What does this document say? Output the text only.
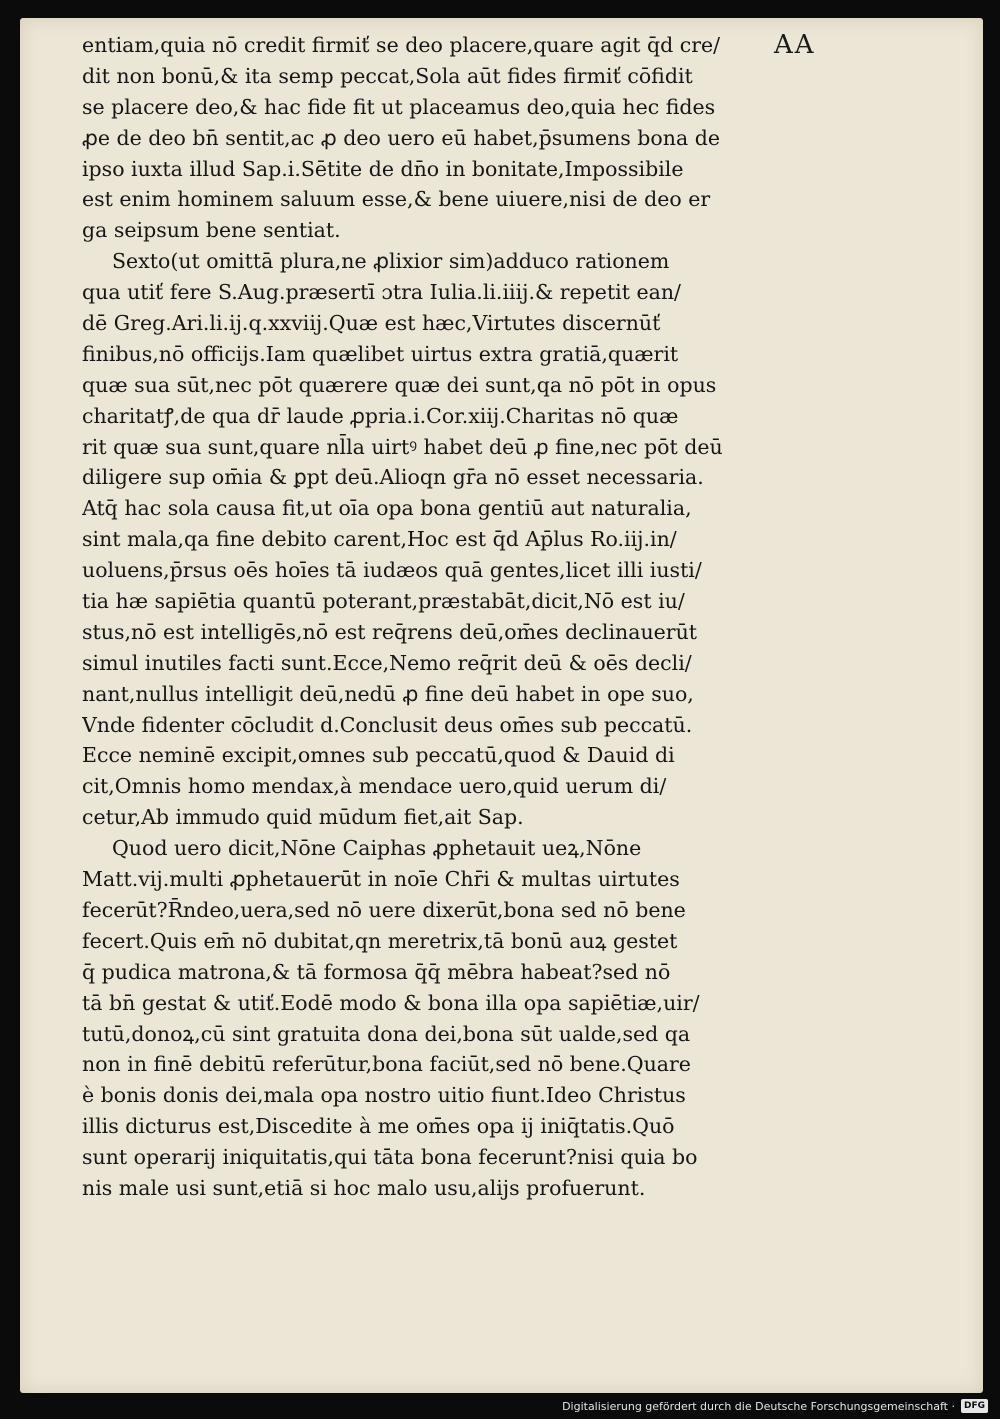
AA
entiam,quia nō credit firmiť se deo placere,quare agit q̄d cre/
dit non bonū,& ita semp peccat,Sola aūt fides firmiť cōfidit
se placere deo,& hac fide fit ut placeamus deo,quia hec fides
ꝓe de deo bn̄ sentit,ac ꝓ deo uero eū habet,p̄sumens bona de
ipso iuxta illud Sap.i.Sētite de dn̄o in bonitate,Impossibile
est enim hominem saluum esse,& bene uiuere,nisi de deo er
ga seipsum bene sentiat.
Sexto(ut omittā plura,ne ꝓlixior sim)adduco rationem
qua utiť fere S.Aug.præsertī ɔtra Iulia.li.iiij.& repetit ean/
dē Greg.Ari.li.ij.q.xxviij.Quæ est hæc,Virtutes discernūť
finibus,nō officijs.Iam quælibet uirtus extra gratiā,quærit
quæ sua sūt,nec pōt quærere quæ dei sunt,qa nō pōt in opus
charitatꝭ,de qua dr̄ laude ꝓpria.i.Cor.xiij.Charitas nō quæ
rit quæ sua sunt,quare nl̄la uirtꝰ habet deū ꝓ fine,nec pōt deū
diligere sup om̄ia & ꝑpt deū.Alioqn gr̄a nō esset necessaria.
Atq̄ hac sola causa fit,ut oīa opa bona gentiū aut naturalia,
sint mala,qa fine debito carent,Hoc est q̄d Ap̄lus Ro.iij.in/
uoluens,p̄rsus oēs hoīes tā iudæos quā gentes,licet illi iusti/
tia hæ sapiētia quantū poterant,præstabāt,dicit,Nō est iu/
stus,nō est intelligēs,nō est req̄rens deū,om̄es declinauerūt
simul inutiles facti sunt.Ecce,Nemo req̄rit deū & oēs decli/
nant,nullus intelligit deū,nedū ꝓ fine deū habet in ope suo,
Vnde fidenter cōcludit d.Conclusit deus om̄es sub peccatū.
Ecce neminē excipit,omnes sub peccatū,quod & Dauid di
cit,Omnis homo mendax,à mendace uero,quid uerum di/
cetur,Ab immudo quid mūdum fiet,ait Sap.
Quod uero dicit,Nōne Caiphas ꝓphetauit ueꝝ,Nōne
Matt.vij.multi ꝓphetauerūt in noīe Chr̄i & multas uirtutes
fecerūt?R̄ndeo,uera,sed nō uere dixerūt,bona sed nō bene
fecert.Quis em̄ nō dubitat,qn meretrix,tā bonū auꝝ gestet
q̄ pudica matrona,& tā formosa q̄q̄ mēbra habeat?sed nō
tā bn̄ gestat & utiť.Eodē modo & bona illa opa sapiētiæ,uir/
tutū,donoꝝ,cū sint gratuita dona dei,bona sūt ualde,sed qa
non in finē debitū referūtur,bona faciūt,sed nō bene.Quare
è bonis donis dei,mala opa nostro uitio fiunt.Ideo Christus
illis dicturus est,Discedite à me om̄es opa ij iniq̄tatis.Quō
sunt operarij iniquitatis,qui tāta bona fecerunt?nisi quia bo
nis male usi sunt,etiā si hoc malo usu,alijs profuerunt.
Digitalisierung gefördert durch die Deutsche Forschungsgemeinschaft ·	DFG
